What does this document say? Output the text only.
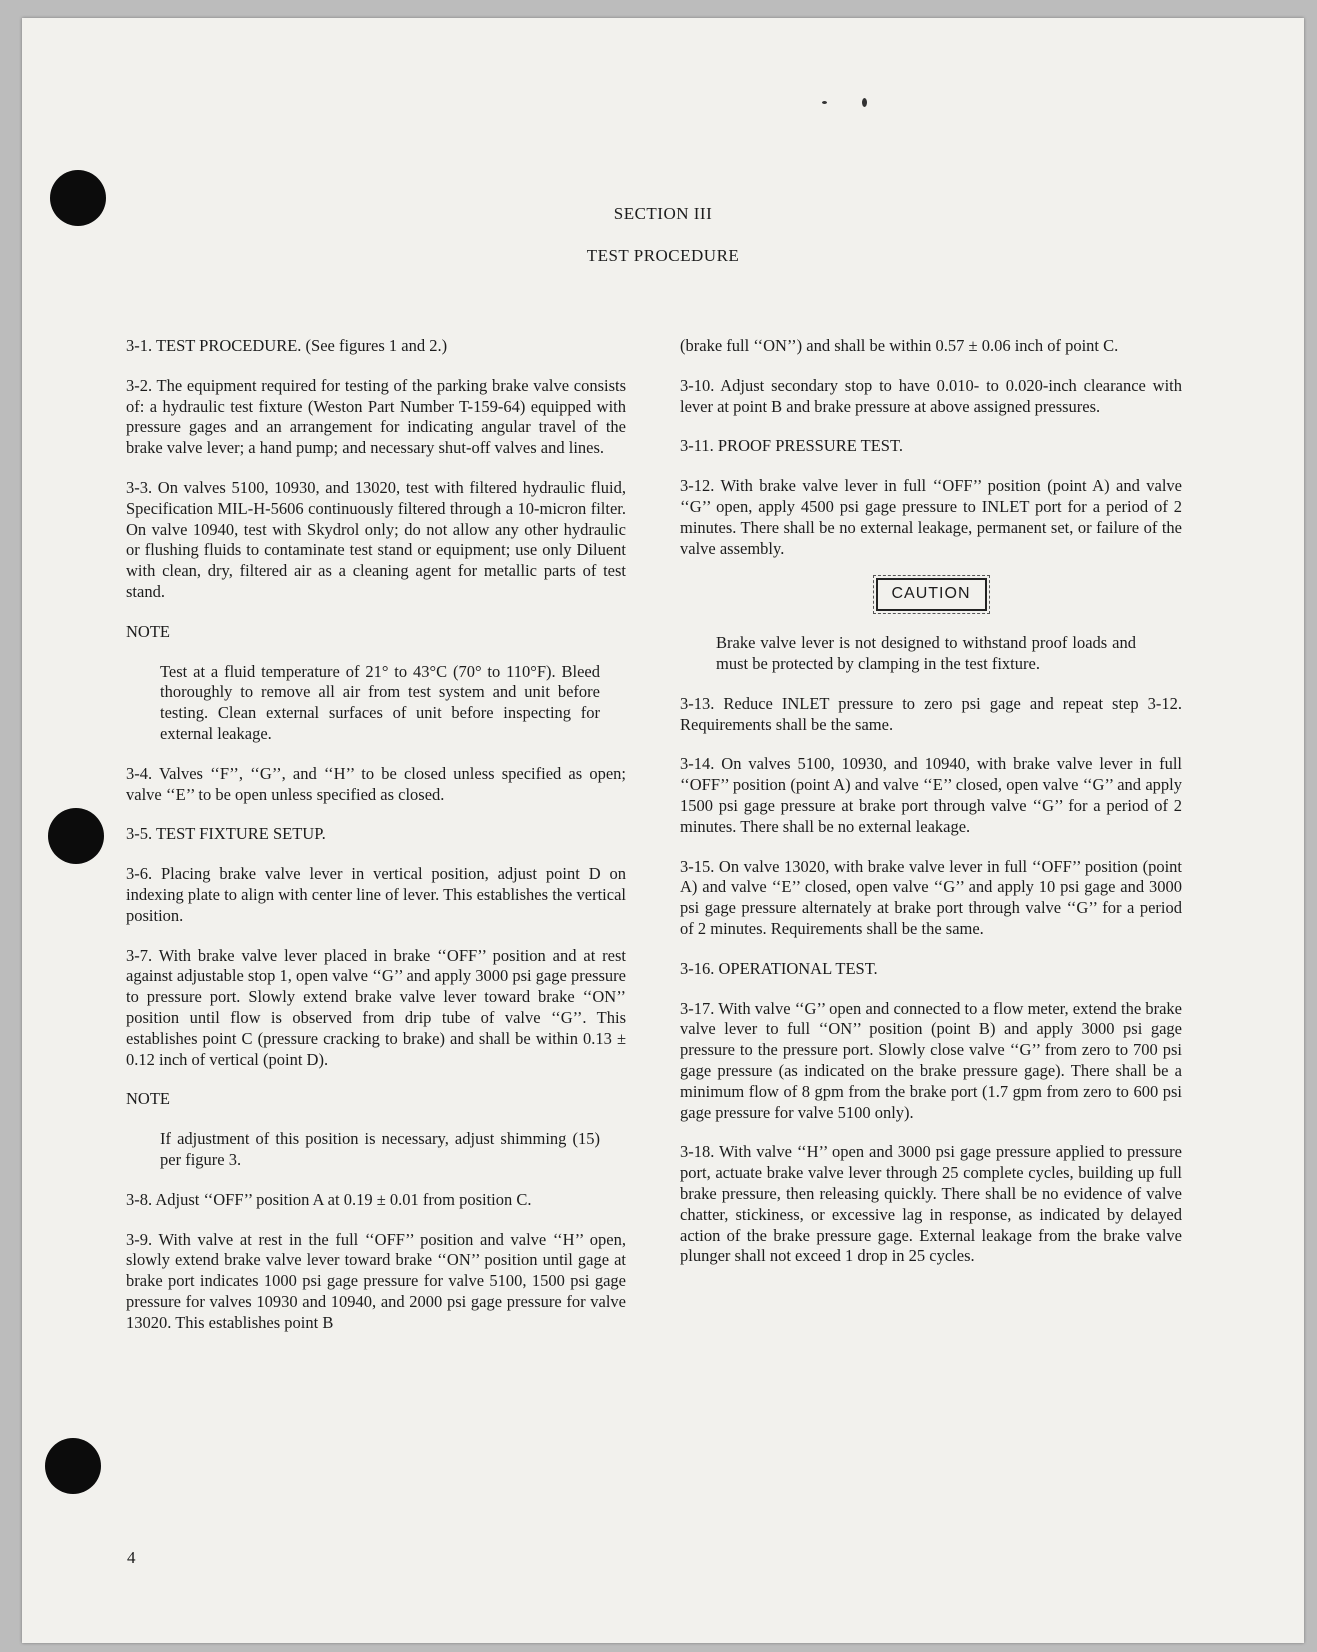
SECTION III
TEST PROCEDURE

3-1. TEST PROCEDURE. (See figures 1 and 2.)

3-2. The equipment required for testing of the parking brake valve consists of: a hydraulic test fixture (Weston Part Number T-159-64) equipped with pressure gages and an arrangement for indicating angular travel of the brake valve lever; a hand pump; and necessary shut-off valves and lines.

3-3. On valves 5100, 10930, and 13020, test with filtered hydraulic fluid, Specification MIL-H-5606 continuously filtered through a 10-micron filter. On valve 10940, test with Skydrol only; do not allow any other hydraulic or flushing fluids to contaminate test stand or equipment; use only Diluent with clean, dry, filtered air as a cleaning agent for metallic parts of test stand.

NOTE

Test at a fluid temperature of 21° to 43°C (70° to 110°F). Bleed thoroughly to remove all air from test system and unit before testing. Clean external surfaces of unit before inspecting for external leakage.

3-4. Valves ‘‘F’’, ‘‘G’’, and ‘‘H’’ to be closed unless specified as open; valve ‘‘E’’ to be open unless specified as closed.

3-5. TEST FIXTURE SETUP.

3-6. Placing brake valve lever in vertical position, adjust point D on indexing plate to align with center line of lever. This establishes the vertical position.

3-7. With brake valve lever placed in brake ‘‘OFF’’ position and at rest against adjustable stop 1, open valve ‘‘G’’ and apply 3000 psi gage pressure to pressure port. Slowly extend brake valve lever toward brake ‘‘ON’’ position until flow is observed from drip tube of valve ‘‘G’’. This establishes point C (pressure cracking to brake) and shall be within 0.13 ± 0.12 inch of vertical (point D).

NOTE

If adjustment of this position is necessary, adjust shimming (15) per figure 3.

3-8. Adjust ‘‘OFF’’ position A at 0.19 ± 0.01 from position C.

3-9. With valve at rest in the full ‘‘OFF’’ position and valve ‘‘H’’ open, slowly extend brake valve lever toward brake ‘‘ON’’ position until gage at brake port indicates 1000 psi gage pressure for valve 5100, 1500 psi gage pressure for valves 10930 and 10940, and 2000 psi gage pressure for valve 13020. This establishes point B

(brake full ‘‘ON’’) and shall be within 0.57 ± 0.06 inch of point C.

3-10. Adjust secondary stop to have 0.010- to 0.020-inch clearance with lever at point B and brake pressure at above assigned pressures.

3-11. PROOF PRESSURE TEST.

3-12. With brake valve lever in full ‘‘OFF’’ position (point A) and valve ‘‘G’’ open, apply 4500 psi gage pressure to INLET port for a period of 2 minutes. There shall be no external leakage, permanent set, or failure of the valve assembly.

CAUTION

Brake valve lever is not designed to withstand proof loads and must be protected by clamping in the test fixture.

3-13. Reduce INLET pressure to zero psi gage and repeat step 3-12. Requirements shall be the same.

3-14. On valves 5100, 10930, and 10940, with brake valve lever in full ‘‘OFF’’ position (point A) and valve ‘‘E’’ closed, open valve ‘‘G’’ and apply 1500 psi gage pressure at brake port through valve ‘‘G’’ for a period of 2 minutes. There shall be no external leakage.

3-15. On valve 13020, with brake valve lever in full ‘‘OFF’’ position (point A) and valve ‘‘E’’ closed, open valve ‘‘G’’ and apply 10 psi gage and 3000 psi gage pressure alternately at brake port through valve ‘‘G’’ for a period of 2 minutes. Requirements shall be the same.

3-16. OPERATIONAL TEST.

3-17. With valve ‘‘G’’ open and connected to a flow meter, extend the brake valve lever to full ‘‘ON’’ position (point B) and apply 3000 psi gage pressure to the pressure port. Slowly close valve ‘‘G’’ from zero to 700 psi gage pressure (as indicated on the brake pressure gage). There shall be a minimum flow of 8 gpm from the brake port (1.7 gpm from zero to 600 psi gage pressure for valve 5100 only).

3-18. With valve ‘‘H’’ open and 3000 psi gage pressure applied to pressure port, actuate brake valve lever through 25 complete cycles, building up full brake pressure, then releasing quickly. There shall be no evidence of valve chatter, stickiness, or excessive lag in response, as indicated by delayed action of the brake pressure gage. External leakage from the brake valve plunger shall not exceed 1 drop in 25 cycles.

4
